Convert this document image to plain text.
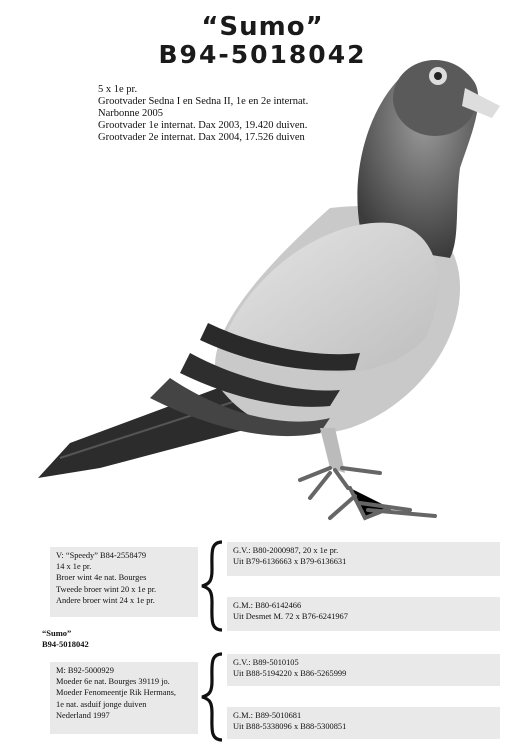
“Sumo”
B94-5018042
5 x 1e pr.
Grootvader Sedna I en Sedna II, 1e en 2e internat.
Narbonne 2005
Grootvader 1e internat. Dax 2003, 19.420 duiven.
Grootvader 2e internat. Dax 2004, 17.526 duiven
V: “Speedy” B84-2558479
14 x 1e pr.
Broer wint 4e nat. Bourges
Tweede broer wint 20 x 1e pr.
Andere broer wint 24 x 1e pr.
G.V.: B80-2000987, 20 x 1e pr.
Uit B79-6136663 x B79-6136631
G.M.: B80-6142466
Uit Desmet M. 72 x B76-6241967
“Sumo”
B94-5018042
M: B92-5000929
Moeder 6e nat. Bourges 39119 jo.
Moeder Fenomeentje Rik Hermans,
1e nat. asduif jonge duiven
Nederland 1997
G.V.: B89-5010105
Uit B88-5194220 x B86-5265999
G.M.: B89-5010681
Uit B88-5338096 x B88-5300851
